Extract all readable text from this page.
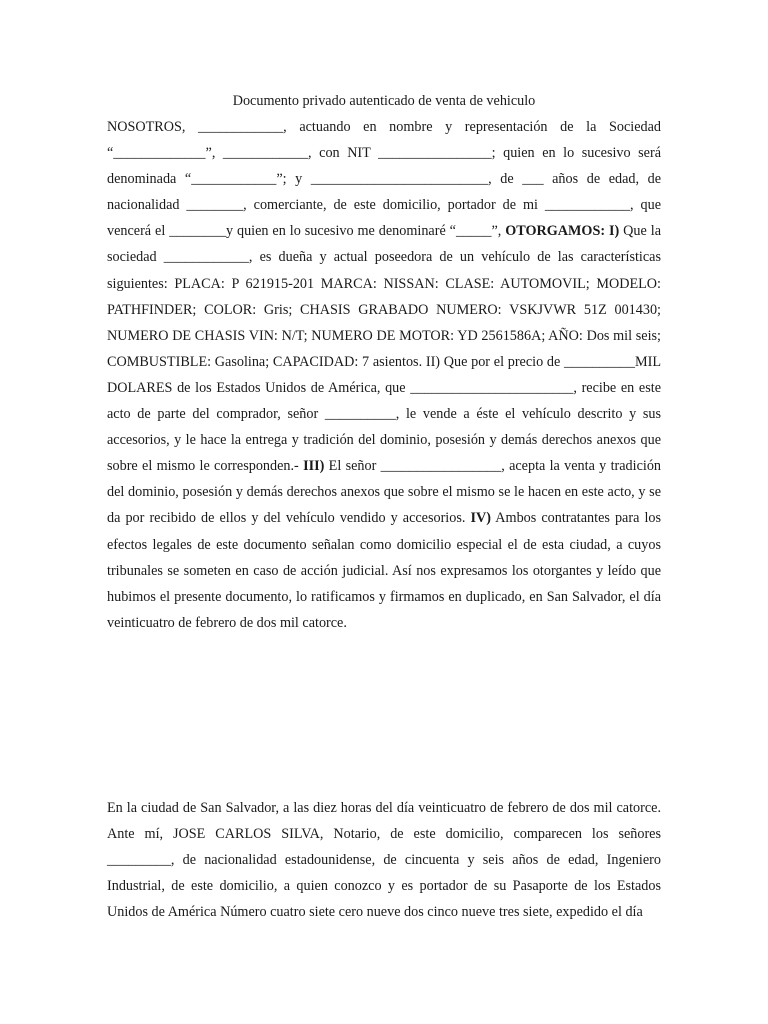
Documento privado autenticado de venta de vehiculo

NOSOTROS, ____________, actuando en nombre y representación de la Sociedad “_____________”, ____________, con NIT ________________; quien en lo sucesivo será denominada “____________”; y _________________________, de ___ años de edad, de nacionalidad ________, comerciante, de este domicilio, portador de mi ____________, que vencerá el ________y quien en lo sucesivo me denominaré “_____”, OTORGAMOS: I) Que la sociedad ____________, es dueña y actual poseedora de un vehículo de las características siguientes: PLACA: P 621915-201 MARCA: NISSAN: CLASE: AUTOMOVIL; MODELO: PATHFINDER; COLOR: Gris; CHASIS GRABADO NUMERO: VSKJVWR 51Z 001430; NUMERO DE CHASIS VIN: N/T; NUMERO DE MOTOR: YD 2561586A; AÑO: Dos mil seis; COMBUSTIBLE: Gasolina; CAPACIDAD: 7 asientos. II) Que por el precio de __________MIL DOLARES de los Estados Unidos de América, que _______________________, recibe en este acto de parte del comprador, señor __________, le vende a éste el vehículo descrito y sus accesorios, y le hace la entrega y tradición del dominio, posesión y demás derechos anexos que sobre el mismo le corresponden.- III) El señor _________________, acepta la venta y tradición del dominio, posesión y demás derechos anexos que sobre el mismo se le hacen en este acto, y se da por recibido de ellos y del vehículo vendido y accesorios. IV) Ambos contratantes para los efectos legales de este documento señalan como domicilio especial el de esta ciudad, a cuyos tribunales se someten en caso de acción judicial. Así nos expresamos los otorgantes y leído que hubimos el presente documento, lo ratificamos y firmamos en duplicado, en San Salvador, el día veinticuatro de febrero de dos mil catorce.

En la ciudad de San Salvador, a las diez horas del día veinticuatro de febrero de dos mil catorce. Ante mí, JOSE CARLOS SILVA, Notario, de este domicilio, comparecen los señores _________, de nacionalidad estadounidense, de cincuenta y seis años de edad, Ingeniero Industrial, de este domicilio, a quien conozco y es portador de su Pasaporte de los Estados Unidos de América Número cuatro siete cero nueve dos cinco nueve tres siete, expedido el día
